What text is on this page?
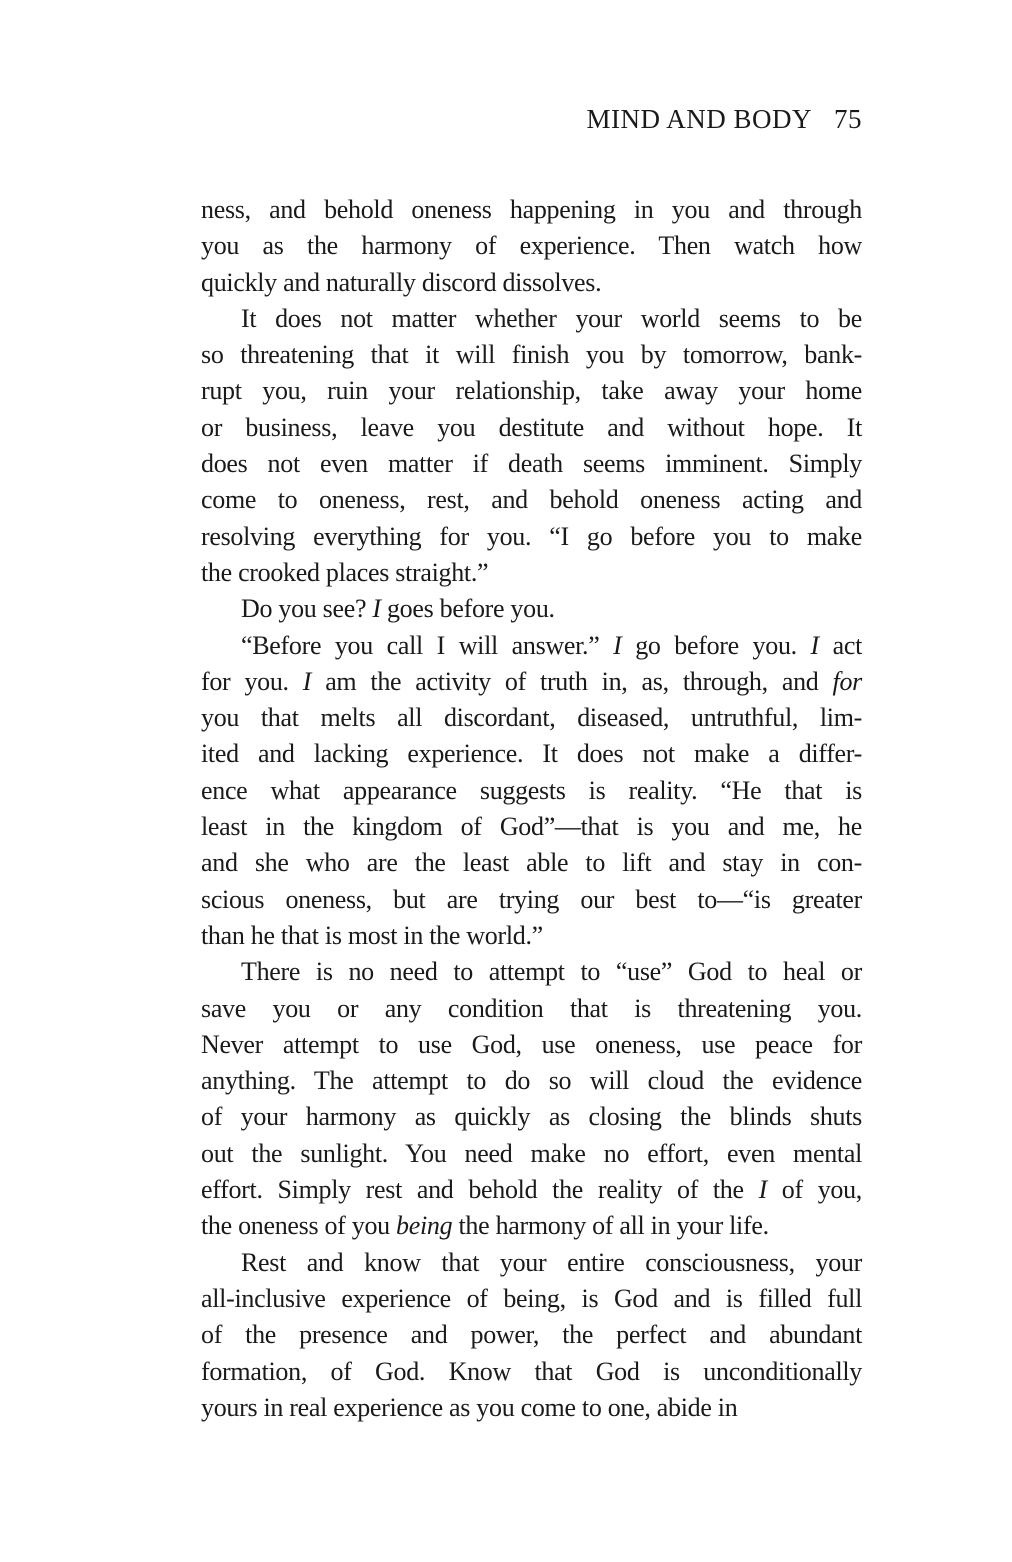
MIND AND BODY 75
ness, and behold oneness happening in you and through
you as the harmony of experience. Then watch how
quickly and naturally discord dissolves.
It does not matter whether your world seems to be
so threatening that it will finish you by tomorrow, bank-
rupt you, ruin your relationship, take away your home
or business, leave you destitute and without hope. It
does not even matter if death seems imminent. Simply
come to oneness, rest, and behold oneness acting and
resolving everything for you. “I go before you to make
the crooked places straight.”
Do you see? I goes before you.
“Before you call I will answer.” I go before you. I act
for you. I am the activity of truth in, as, through, and for
you that melts all discordant, diseased, untruthful, lim-
ited and lacking experience. It does not make a differ-
ence what appearance suggests is reality. “He that is
least in the kingdom of God”—that is you and me, he
and she who are the least able to lift and stay in con-
scious oneness, but are trying our best to—“is greater
than he that is most in the world.”
There is no need to attempt to “use” God to heal or
save you or any condition that is threatening you.
Never attempt to use God, use oneness, use peace for
anything. The attempt to do so will cloud the evidence
of your harmony as quickly as closing the blinds shuts
out the sunlight. You need make no effort, even mental
effort. Simply rest and behold the reality of the I of you,
the oneness of you being the harmony of all in your life.
Rest and know that your entire consciousness, your
all-inclusive experience of being, is God and is filled full
of the presence and power, the perfect and abundant
formation, of God. Know that God is unconditionally
yours in real experience as you come to one, abide in
